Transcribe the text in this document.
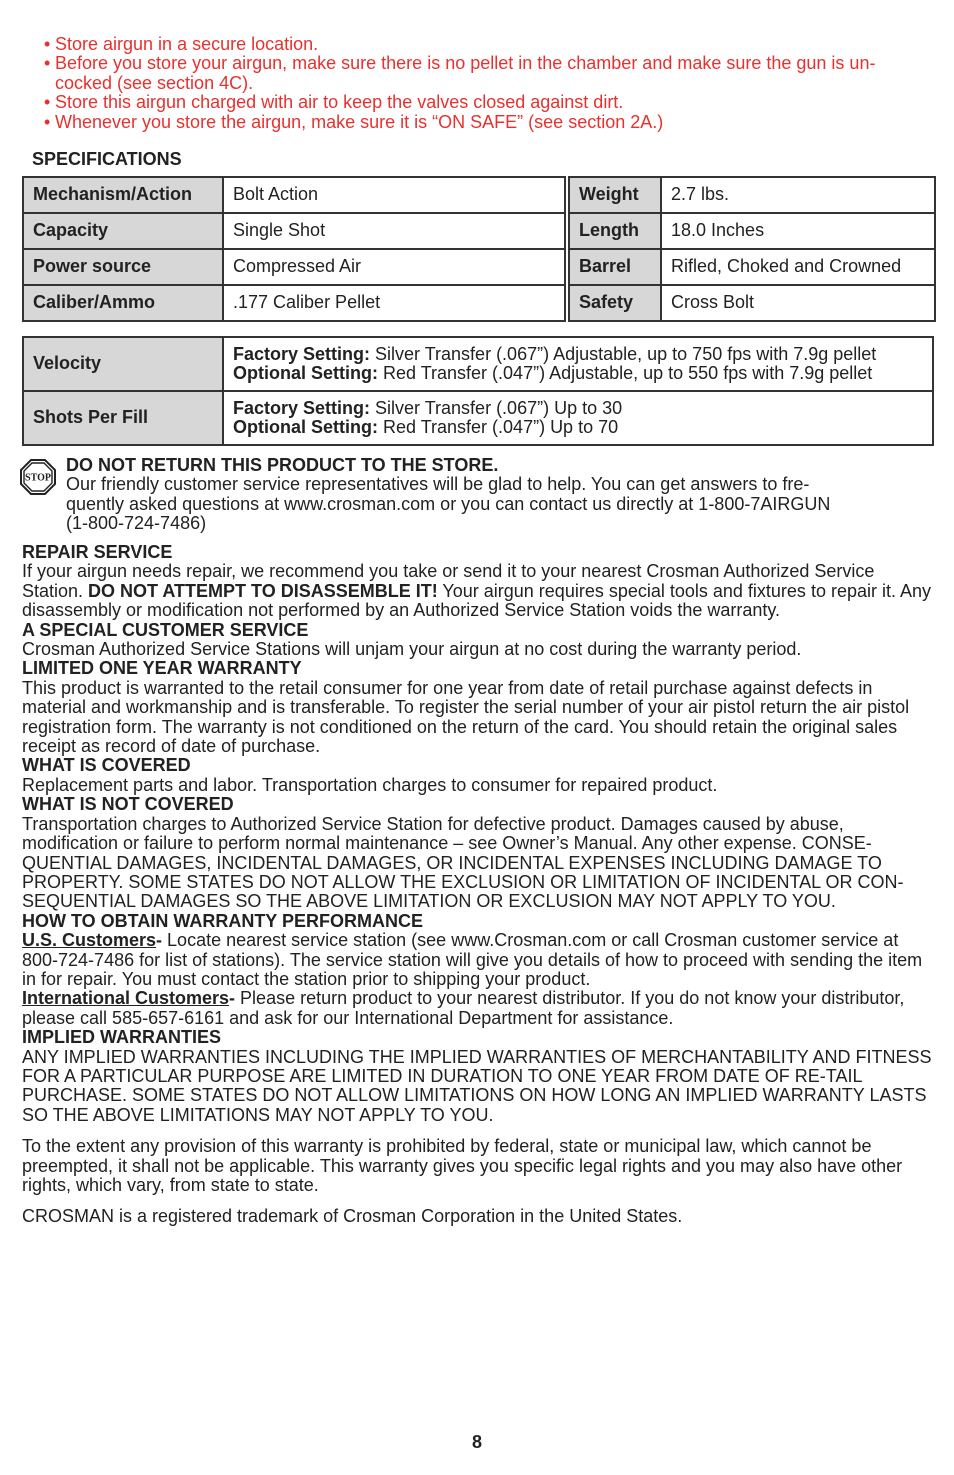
• Store airgun in a secure location.
• Before you store your airgun, make sure there is no pellet in the chamber and make sure the gun is un-cocked (see section 4C).
• Store this airgun charged with air to keep the valves closed against dirt.
• Whenever you store the airgun, make sure it is “ON SAFE” (see section 2A.)
SPECIFICATIONS
Mechanism/Action	Bolt Action
Capacity	Single Shot
Power source	Compressed Air
Caliber/Ammo	.177 Caliber Pellet
Weight	2.7 lbs.
Length	18.0 Inches
Barrel	Rifled, Choked and Crowned
Safety	Cross Bolt
Velocity	Factory Setting: Silver Transfer (.067”) Adjustable, up to 750 fps with 7.9g pellet
Optional Setting: Red Transfer (.047”) Adjustable, up to 550 fps with 7.9g pellet

Shots Per Fill	Factory Setting: Silver Transfer (.067”) Up to 30
Optional Setting: Red Transfer (.047”) Up to 70
STOP
DO NOT RETURN THIS PRODUCT TO THE STORE.
Our friendly customer service representatives will be glad to help. You can get answers to fre-
quently asked questions at www.crosman.com or you can contact us directly at 1-800-7AIRGUN
(1-800-724-7486)
REPAIR SERVICE

If your airgun needs repair, we recommend you take or send it to your nearest Crosman Authorized Service Station. DO NOT ATTEMPT TO DISASSEMBLE IT! Your airgun requires special tools and fixtures to repair it. Any disassembly or modification not performed by an Authorized Service Station voids the warranty.

A SPECIAL CUSTOMER SERVICE

Crosman Authorized Service Stations will unjam your airgun at no cost during the warranty period.

LIMITED ONE YEAR WARRANTY

This product is warranted to the retail consumer for one year from date of retail purchase against defects in material and workmanship and is transferable. To register the serial number of your air pistol return the air pistol registration form. The warranty is not conditioned on the return of the card. You should retain the original sales receipt as record of date of purchase.

WHAT IS COVERED

Replacement parts and labor. Transportation charges to consumer for repaired product.

WHAT IS NOT COVERED

Transportation charges to Authorized Service Station for defective product. Damages caused by abuse, modification or failure to perform normal maintenance – see Owner’s Manual. Any other expense. CONSE-QUENTIAL DAMAGES, INCIDENTAL DAMAGES, OR INCIDENTAL EXPENSES INCLUDING DAMAGE TO PROPERTY. SOME STATES DO NOT ALLOW THE EXCLUSION OR LIMITATION OF INCIDENTAL OR CON-SEQUENTIAL DAMAGES SO THE ABOVE LIMITATION OR EXCLUSION MAY NOT APPLY TO YOU.

HOW TO OBTAIN WARRANTY PERFORMANCE

U.S. Customers- Locate nearest service station (see www.Crosman.com or call Crosman customer service at 800-724-7486 for list of stations). The service station will give you details of how to proceed with sending the item in for repair. You must contact the station prior to shipping your product.

International Customers- Please return product to your nearest distributor. If you do not know your distributor, please call 585-657-6161 and ask for our International Department for assistance.

IMPLIED WARRANTIES

ANY IMPLIED WARRANTIES INCLUDING THE IMPLIED WARRANTIES OF MERCHANTABILITY AND FITNESS FOR A PARTICULAR PURPOSE ARE LIMITED IN DURATION TO ONE YEAR FROM DATE OF RE-TAIL PURCHASE. SOME STATES DO NOT ALLOW LIMITATIONS ON HOW LONG AN IMPLIED WARRANTY LASTS SO THE ABOVE LIMITATIONS MAY NOT APPLY TO YOU.

To the extent any provision of this warranty is prohibited by federal, state or municipal law, which cannot be preempted, it shall not be applicable. This warranty gives you specific legal rights and you may also have other rights, which vary, from state to state.

CROSMAN is a registered trademark of Crosman Corporation in the United States.

8
